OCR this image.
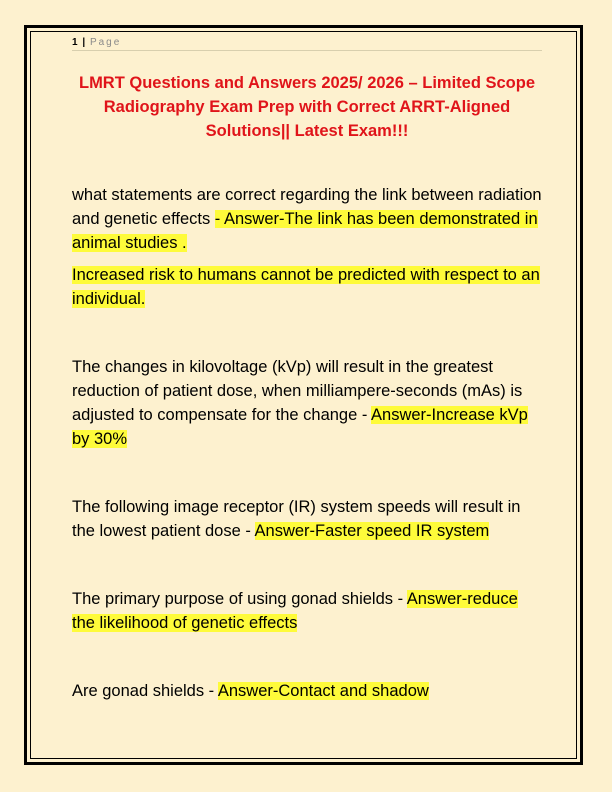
1 | Page
LMRT Questions and Answers 2025/ 2026 – Limited Scope Radiography Exam Prep with Correct ARRT-Aligned Solutions|| Latest Exam!!!

what statements are correct regarding the link between radiation and genetic effects - Answer-The link has been demonstrated in animal studies .

Increased risk to humans cannot be predicted with respect to an individual.

The changes in kilovoltage (kVp) will result in the greatest reduction of patient dose, when milliampere-seconds (mAs) is adjusted to compensate for the change - Answer-Increase kVp by 30%

The following image receptor (IR) system speeds will result in the lowest patient dose - Answer-Faster speed IR system

The primary purpose of using gonad shields - Answer-reduce the likelihood of genetic effects

Are gonad shields - Answer-Contact and shadow
